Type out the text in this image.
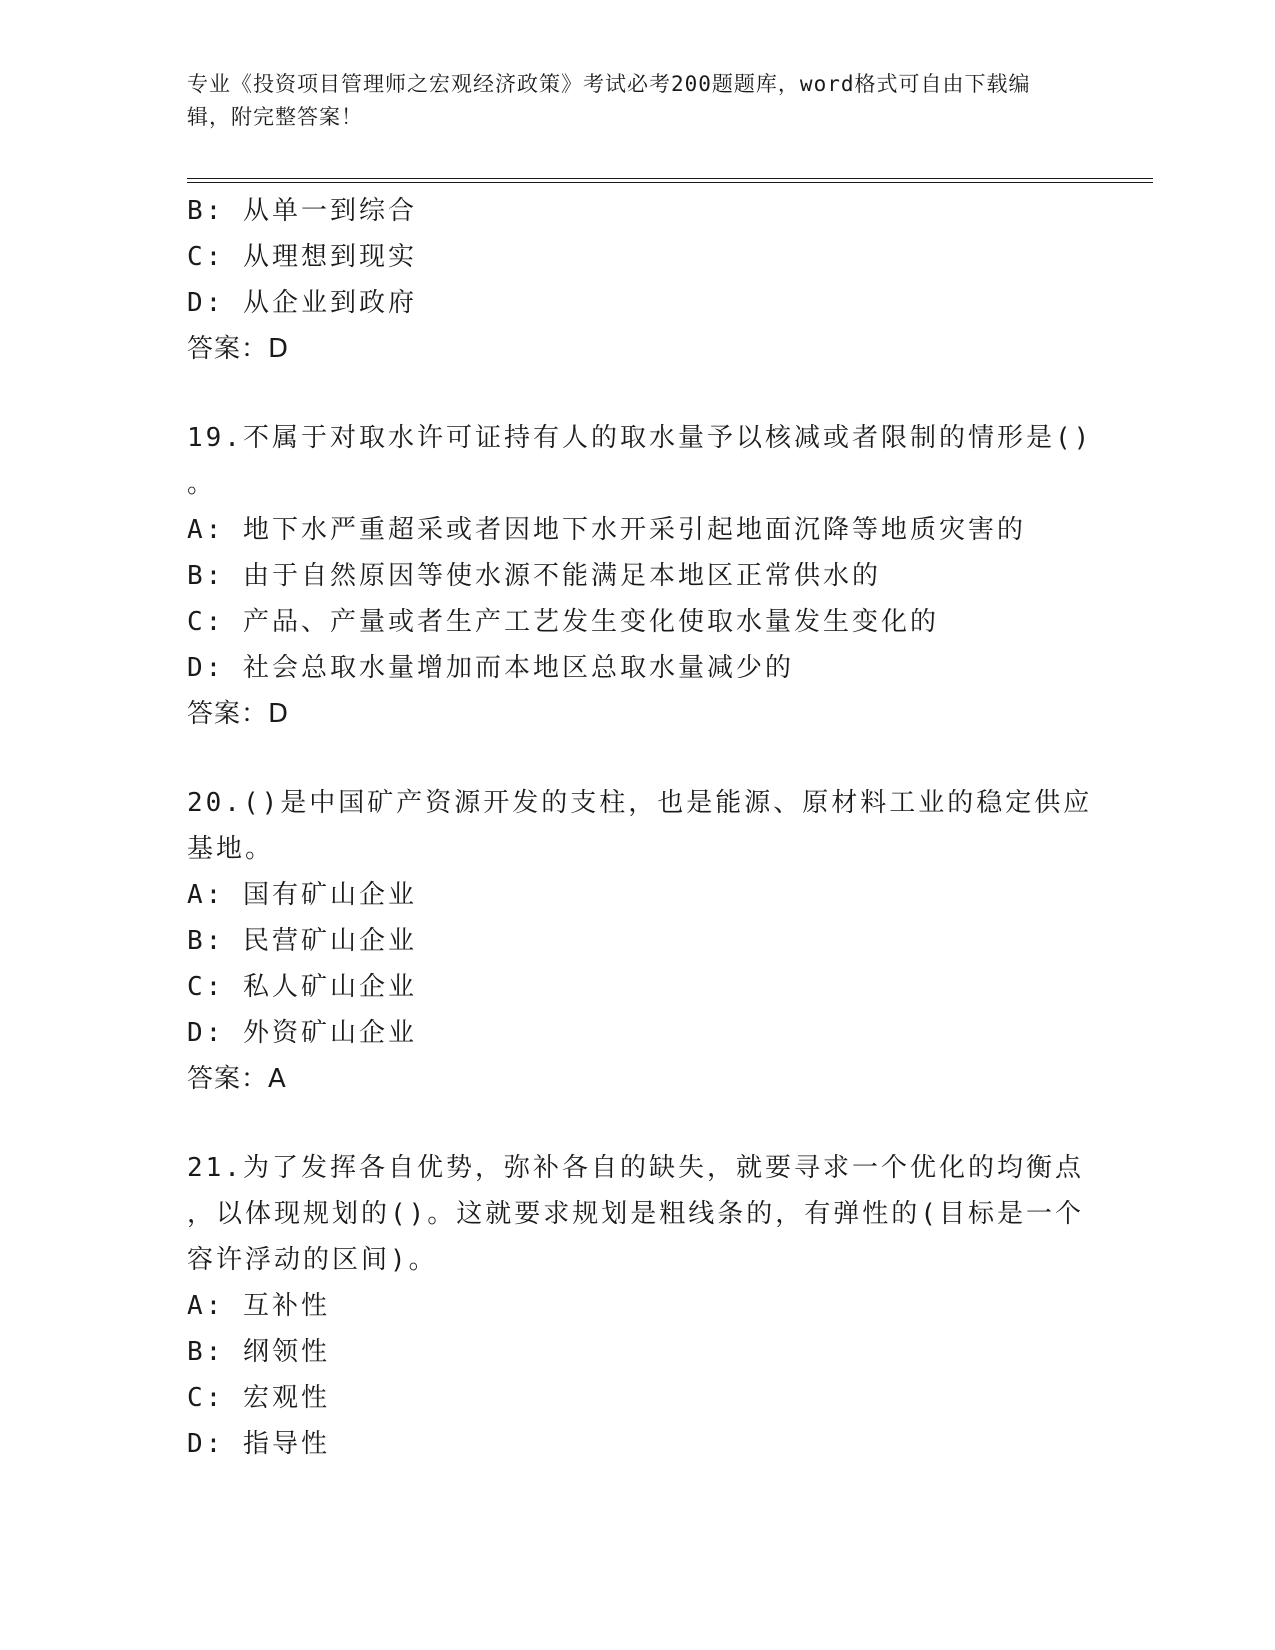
专业《投资项目管理师之宏观经济政策》考试必考200题题库，word格式可自由下载编辑，附完整答案！

B: 从单一到综合
C: 从理想到现实
D: 从企业到政府
答案：D
19.不属于对取水许可证持有人的取水量予以核减或者限制的情形是()
。
A: 地下水严重超采或者因地下水开采引起地面沉降等地质灾害的
B: 由于自然原因等使水源不能满足本地区正常供水的
C: 产品、产量或者生产工艺发生变化使取水量发生变化的
D: 社会总取水量增加而本地区总取水量减少的
答案：D
20.()是中国矿产资源开发的支柱，也是能源、原材料工业的稳定供应
基地。
A: 国有矿山企业
B: 民营矿山企业
C: 私人矿山企业
D: 外资矿山企业
答案：A
21.为了发挥各自优势，弥补各自的缺失，就要寻求一个优化的均衡点
，以体现规划的()。这就要求规划是粗线条的，有弹性的(目标是一个
容许浮动的区间)。
A: 互补性
B: 纲领性
C: 宏观性
D: 指导性
